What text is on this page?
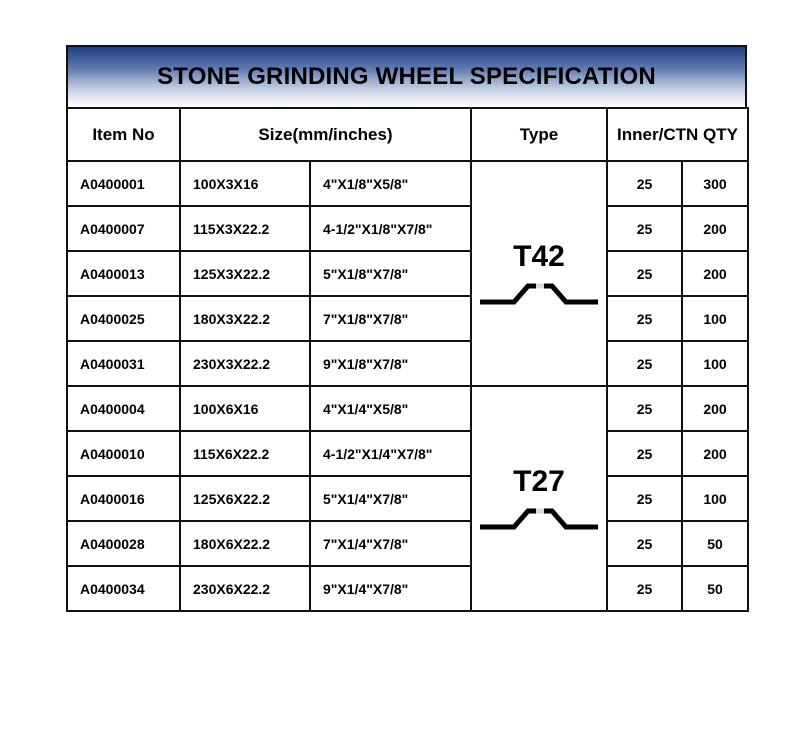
STONE GRINDING WHEEL SPECIFICATION
Item No	Size(mm/inches)		Type	Inner/CTN QTY	
A0400001	100X3X16	4"X1/8"X5/8"	T42	25	300
A0400007	115X3X22.2	4-1/2"X1/8"X7/8"		25	200
A0400013	125X3X22.2	5"X1/8"X7/8"		25	200
A0400025	180X3X22.2	7"X1/8"X7/8"		25	100
A0400031	230X3X22.2	9"X1/8"X7/8"		25	100
A0400004	100X6X16	4"X1/4"X5/8"	T27	25	200
A0400010	115X6X22.2	4-1/2"X1/4"X7/8"		25	200
A0400016	125X6X22.2	5"X1/4"X7/8"		25	100
A0400028	180X6X22.2	7"X1/4"X7/8"		25	50
A0400034	230X6X22.2	9"X1/4"X7/8"		25	50
